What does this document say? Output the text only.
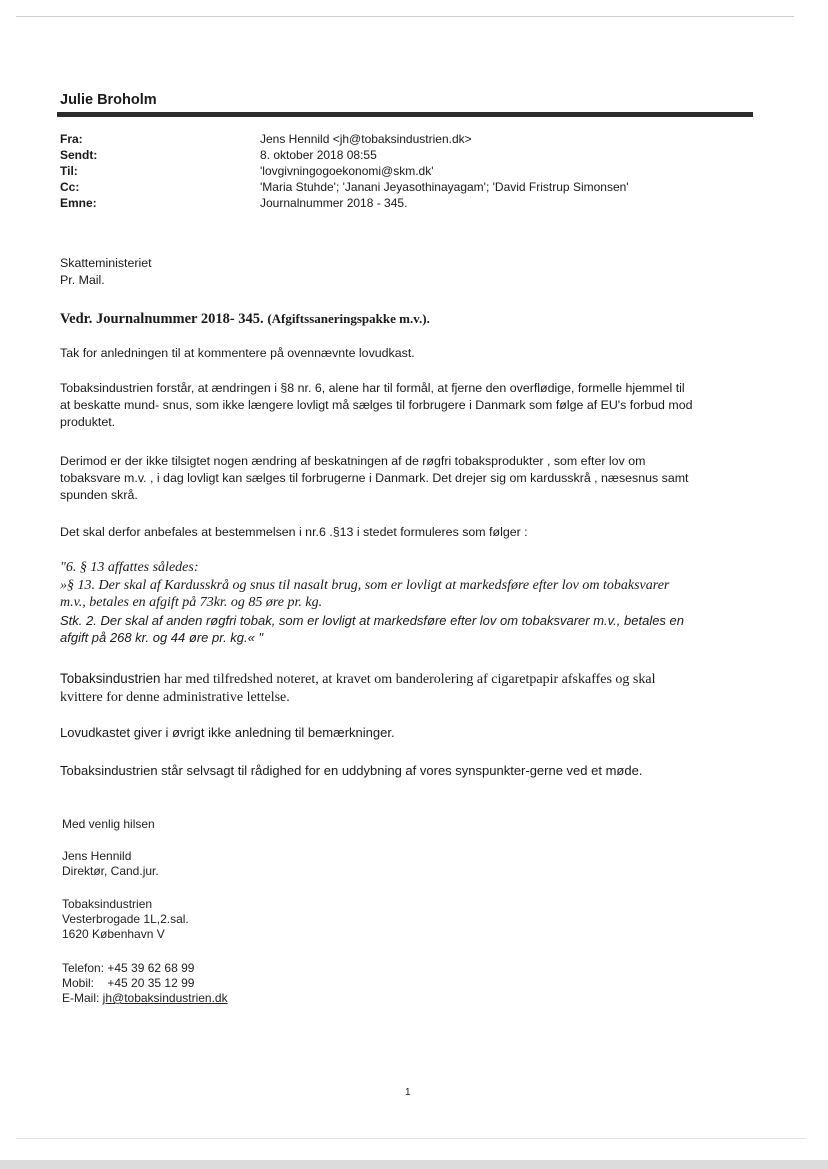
Julie Broholm
Fra:	Jens Hennild <jh@tobaksindustrien.dk>
Sendt:	8. oktober 2018 08:55
Til:	'lovgivningogoekonomi@skm.dk'
Cc:	'Maria Stuhde'; 'Janani Jeyasothinayagam'; 'David Fristrup Simonsen'
Emne:	Journalnummer 2018 - 345.
Skatteministeriet
Pr. Mail.
Vedr. Journalnummer 2018- 345. (Afgiftssaneringspakke m.v.).
Tak for anledningen til at kommentere på ovennævnte lovudkast.
Tobaksindustrien forstår, at ændringen i §8 nr. 6, alene har til formål, at fjerne den overflødige, formelle hjemmel til
at beskatte mund- snus, som ikke længere lovligt må sælges til forbrugere i Danmark som følge af EU's forbud mod
produktet.
Derimod er der ikke tilsigtet nogen ændring af beskatningen af de røgfri tobaksprodukter , som efter lov om
tobaksvare m.v. , i dag lovligt kan sælges til forbrugerne i Danmark. Det drejer sig om kardusskrå , næsesnus samt
spunden skrå.
Det skal derfor anbefales at bestemmelsen i nr.6 .§13 i stedet formuleres som følger :
"6. § 13 affattes således:
»§ 13. Der skal af Kardusskrå og snus til nasalt brug, som er lovligt at markedsføre efter lov om tobaksvarer
m.v., betales en afgift på 73kr. og 85 øre pr. kg.
Stk. 2. Der skal af anden røgfri tobak, som er lovligt at markedsføre efter lov om tobaksvarer m.v., betales en
afgift på 268 kr. og 44 øre pr. kg.« "
Tobaksindustrien har med tilfredshed noteret, at kravet om banderolering af cigaretpapir afskaffes og skal
kvittere for denne administrative lettelse.
Lovudkastet giver i øvrigt ikke anledning til bemærkninger.
Tobaksindustrien står selvsagt til rådighed for en uddybning af vores synspunkter-gerne ved et møde.
Med venlig hilsen
Jens Hennild
Direktør, Cand.jur.
Tobaksindustrien
Vesterbrogade 1L,2.sal.
1620 København V
Telefon: +45 39 62 68 99
Mobil:    +45 20 35 12 99
E-Mail: jh@tobaksindustrien.dk
1
